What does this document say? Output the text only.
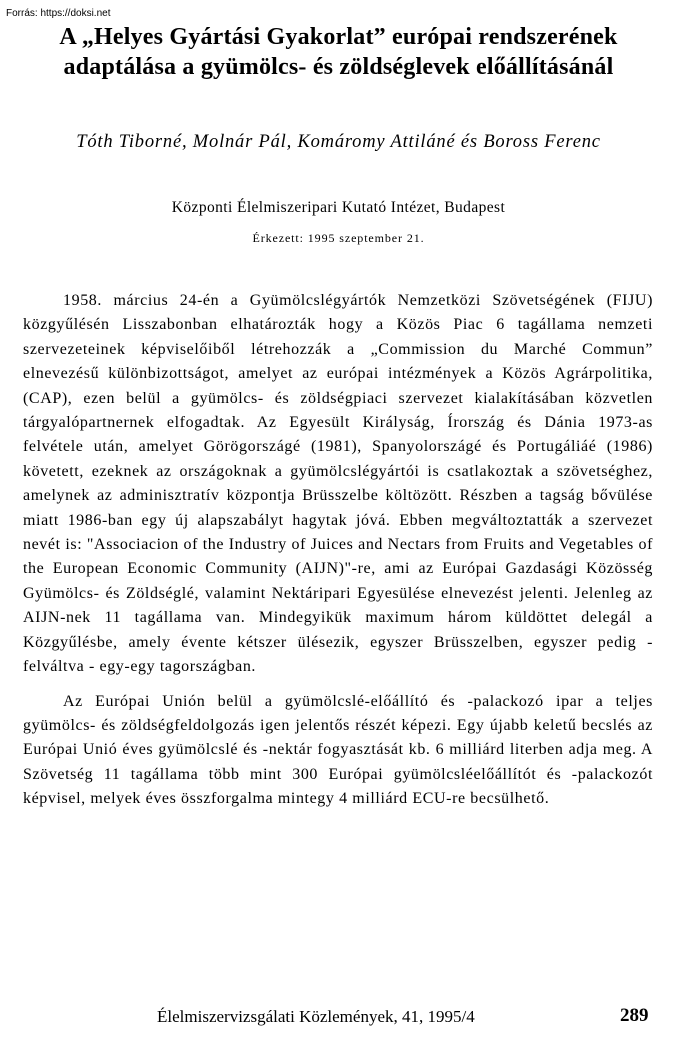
Forrás: https://doksi.net
A „Helyes Gyártási Gyakorlat” európai rendszerének adaptálása a gyümölcs- és zöldséglevek előállításánál
Tóth Tiborné, Molnár Pál, Komáromy Attiláné és Boross Ferenc
Központi Élelmiszeripari Kutató Intézet, Budapest
Érkezett: 1995 szeptember 21.

1958. március 24-én a Gyümölcslégyártók Nemzetközi Szövetségének (FIJU) közgyűlésén Lisszabonban elhatározták hogy a Közös Piac 6 tagállama nemzeti szervezeteinek képviselőiből létrehozzák a „Commission du Marché Commun” elnevezésű különbizottságot, amelyet az európai intézmények a Közös Agrárpolitika, (CAP), ezen belül a gyümölcs- és zöldségpiaci szervezet kialakításában közvetlen tárgyalópartnernek elfogadtak. Az Egyesült Királyság, Írország és Dánia 1973-as felvétele után, amelyet Görögországé (1981), Spanyolországé és Portugáliáé (1986) követett, ezeknek az országoknak a gyümölcslégyártói is csatlakoztak a szövetséghez, amelynek az adminisztratív központja Brüsszelbe költözött. Részben a tagság bővülése miatt 1986-ban egy új alapszabályt hagytak jóvá. Ebben megváltoztatták a szervezet nevét is: "Associacion of the Industry of Juices and Nectars from Fruits and Vegetables of the European Economic Community (AIJN)"-re, ami az Európai Gazdasági Közösség Gyümölcs- és Zöldséglé, valamint Nektáripari Egyesülése elnevezést jelenti. Jelenleg az AIJN-nek 11 tagállama van. Mindegyikük maximum három küldöttet delegál a Közgyűlésbe, amely évente kétszer ülésezik, egyszer Brüsszelben, egyszer pedig - felváltva - egy-egy tagországban.

Az Európai Unión belül a gyümölcslé-előállító és -palackozó ipar a teljes gyümölcs- és zöldségfeldolgozás igen jelentős részét képezi. Egy újabb keletű becslés az Európai Unió éves gyümölcslé és -nektár fogyasztását kb. 6 milliárd literben adja meg. A Szövetség 11 tagállama több mint 300 Európai gyümölcsléelőállítót és -palackozót képvisel, melyek éves összforgalma mintegy 4 milliárd ECU-re becsülhető.

Élelmiszervizsgálati Közlemények, 41, 1995/4	289
